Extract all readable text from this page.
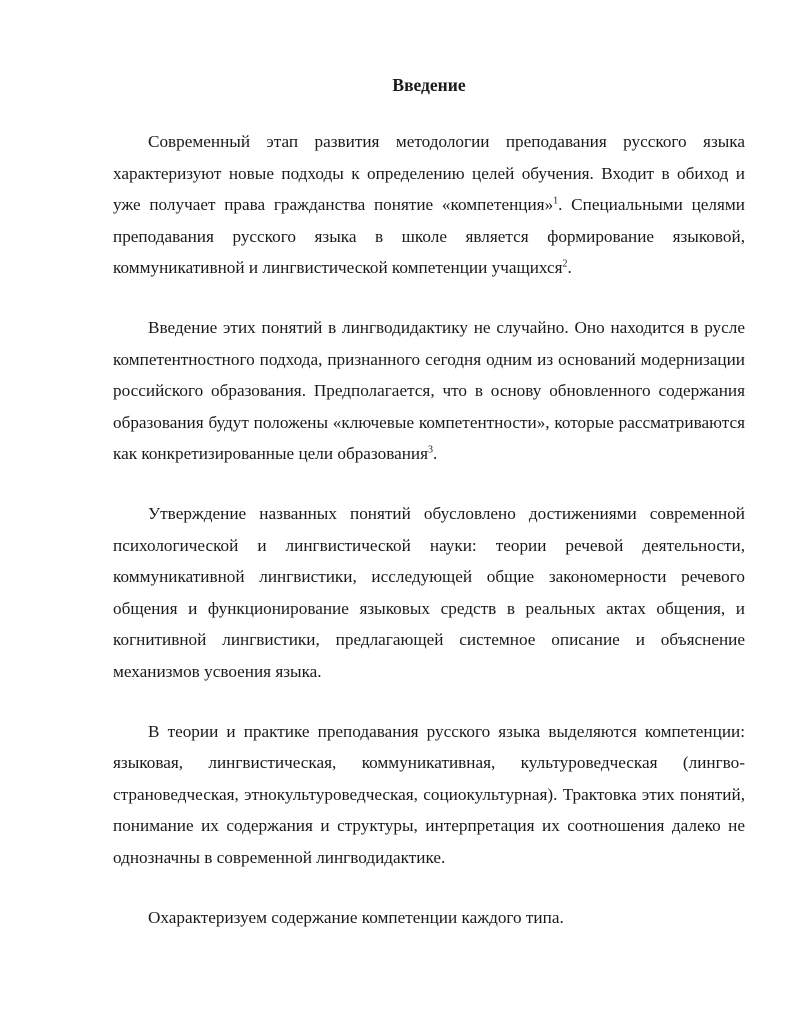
Введение

Современный этап развития методологии преподавания русского языка характеризуют новые подходы к определению целей обучения. Входит в обиход и уже получает права гражданства понятие «компетенция»$^1$. Специальными целями преподавания русского языка в школе является формирование языковой, коммуникативной и лингвистической компетенции учащихся$^2$.

Введение этих понятий в лингводидактику не случайно. Оно находится в русле компетентностного подхода, признанного сегодня одним из оснований модернизации российского образования. Предполагается, что в основу обновленного содержания образования будут положены «ключевые компетентности», которые рассматриваются как конкретизированные цели образования$^3$.

Утверждение названных понятий обусловлено достижениями современной психологической и лингвистической науки: теории речевой деятельности, коммуникативной лингвистики, исследующей общие закономерности речевого общения и функционирование языковых средств в реальных актах общения, и когнитивной лингвистики, предлагающей системное описание и объяснение механизмов усвоения языка.

В теории и практике преподавания русского языка выделяются компетенции: языковая, лингвистическая, коммуникативная, культуроведческая (лингвострановедческая, этнокультуроведческая, социокультурная). Трактовка этих понятий, понимание их содержания и структуры, интерпретация их соотношения далеко не однозначны в современной лингводидактике.

Охарактеризуем содержание компетенции каждого типа.
